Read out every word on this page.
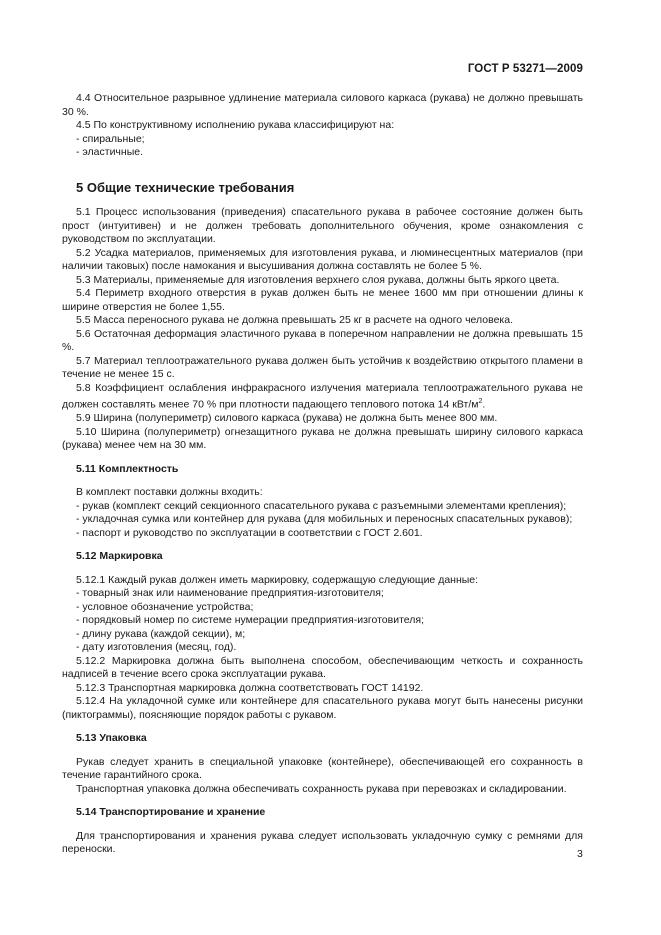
ГОСТ Р 53271—2009
4.4 Относительное разрывное удлинение материала силового каркаса (рукава) не должно превышать 30 %.
4.5 По конструктивному исполнению рукава классифицируют на:
- спиральные;
- эластичные.
5 Общие технические требования
5.1 Процесс использования (приведения) спасательного рукава в рабочее состояние должен быть прост (интуитивен) и не должен требовать дополнительного обучения, кроме ознакомления с руководством по эксплуатации.
5.2 Усадка материалов, применяемых для изготовления рукава, и люминесцентных материалов (при наличии таковых) после намокания и высушивания должна составлять не более 5 %.
5.3 Материалы, применяемые для изготовления верхнего слоя рукава, должны быть яркого цвета.
5.4 Периметр входного отверстия в рукав должен быть не менее 1600 мм при отношении длины к ширине отверстия не более 1,55.
5.5 Масса переносного рукава не должна превышать 25 кг в расчете на одного человека.
5.6 Остаточная деформация эластичного рукава в поперечном направлении не должна превышать 15 %.
5.7 Материал теплоотражательного рукава должен быть устойчив к воздействию открытого пламени в течение не менее 15 с.
5.8 Коэффициент ослабления инфракрасного излучения материала теплоотражательного рукава не должен составлять менее 70 % при плотности падающего теплового потока 14 кВт/$м^2$.
5.9 Ширина (полупериметр) силового каркаса (рукава) не должна быть менее 800 мм.
5.10 Ширина (полупериметр) огнезащитного рукава не должна превышать ширину силового каркаса (рукава) менее чем на 30 мм.
5.11 Комплектность
В комплект поставки должны входить:
- рукав (комплект секций секционного спасательного рукава с разъемными элементами крепления);
- укладочная сумка или контейнер для рукава (для мобильных и переносных спасательных рукавов);
- паспорт и руководство по эксплуатации в соответствии с ГОСТ 2.601.
5.12 Маркировка
5.12.1 Каждый рукав должен иметь маркировку, содержащую следующие данные:
- товарный знак или наименование предприятия-изготовителя;
- условное обозначение устройства;
- порядковый номер по системе нумерации предприятия-изготовителя;
- длину рукава (каждой секции), м;
- дату изготовления (месяц, год).
5.12.2 Маркировка должна быть выполнена способом, обеспечивающим четкость и сохранность надписей в течение всего срока эксплуатации рукава.
5.12.3 Транспортная маркировка должна соответствовать ГОСТ 14192.
5.12.4 На укладочной сумке или контейнере для спасательного рукава могут быть нанесены рисунки (пиктограммы), поясняющие порядок работы с рукавом.
5.13 Упаковка
Рукав следует хранить в специальной упаковке (контейнере), обеспечивающей его сохранность в течение гарантийного срока.
Транспортная упаковка должна обеспечивать сохранность рукава при перевозках и складировании.
5.14 Транспортирование и хранение
Для транспортирования и хранения рукава следует использовать укладочную сумку с ремнями для переноски.	3
